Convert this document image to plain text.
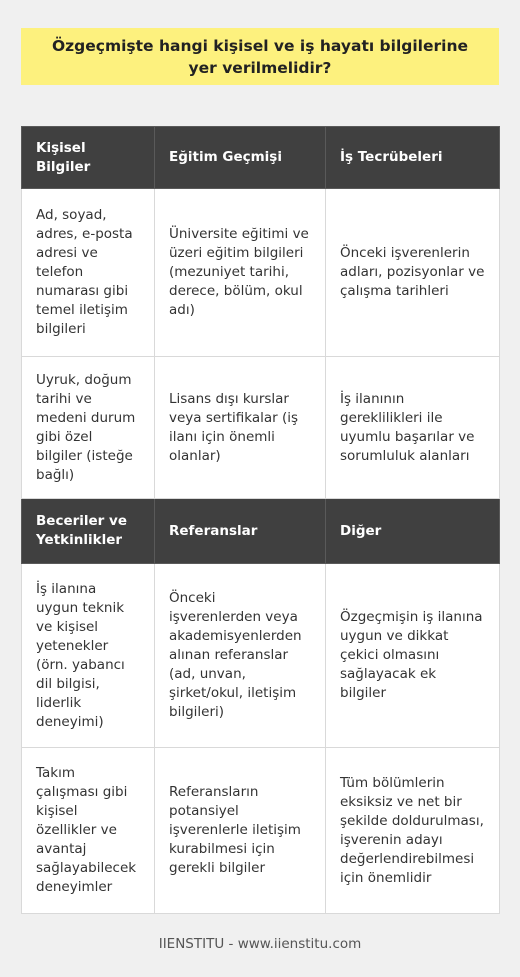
Özgeçmişte hangi kişisel ve iş hayatı bilgilerine yer verilmelidir?
Kişisel Bilgiler	Eğitim Geçmişi	İş Tecrübeleri
Ad, soyad, adres, e-posta adresi ve telefon numarası gibi temel iletişim bilgileri	Üniversite eğitimi ve üzeri eğitim bilgileri (mezuniyet tarihi, derece, bölüm, okul adı)	Önceki işverenlerin adları, pozisyonlar ve çalışma tarihleri
Uyruk, doğum tarihi ve medeni durum gibi özel bilgiler (isteğe bağlı)	Lisans dışı kurslar veya sertifikalar (iş ilanı için önemli olanlar)	İş ilanının gereklilikleri ile uyumlu başarılar ve sorumluluk alanları
Beceriler ve Yetkinlikler	Referanslar	Diğer
İş ilanına uygun teknik ve kişisel yetenekler (örn. yabancı dil bilgisi, liderlik deneyimi)	Önceki işverenlerden veya akademisyenlerden alınan referanslar (ad, unvan, şirket/okul, iletişim bilgileri)	Özgeçmişin iş ilanına uygun ve dikkat çekici olmasını sağlayacak ek bilgiler
Takım çalışması gibi kişisel özellikler ve avantaj sağlayabilecek deneyimler	Referansların potansiyel işverenlerle iletişim kurabilmesi için gerekli bilgiler	Tüm bölümlerin eksiksiz ve net bir şekilde doldurulması, işverenin adayı değerlendirebilmesi için önemlidir
IIENSTITU - www.iienstitu.com
